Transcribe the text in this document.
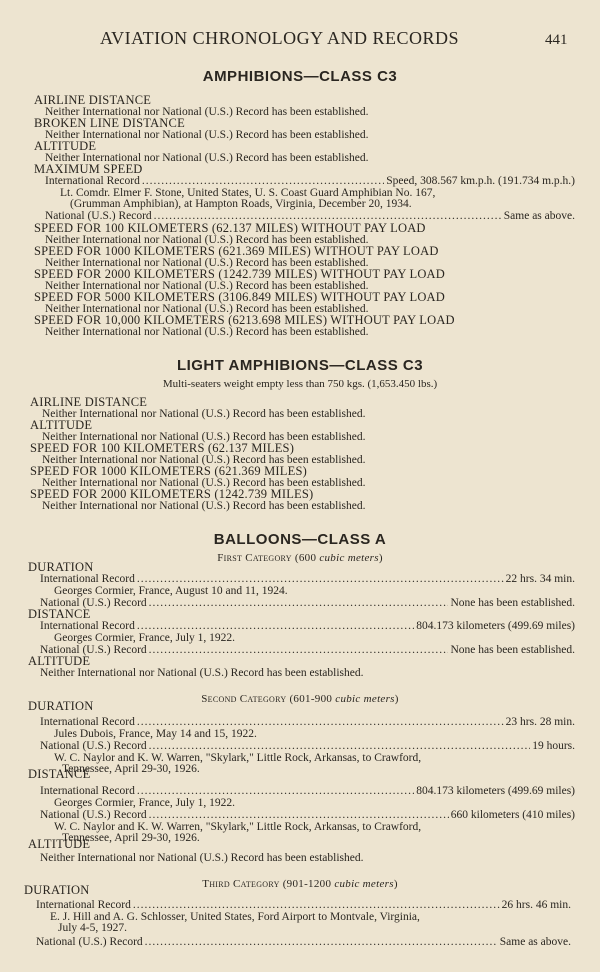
AVIATION CHRONOLOGY AND RECORDS	441
AMPHIBIONS—CLASS C3
AIRLINE DISTANCE
Neither International nor National (U.S.) Record has been established.
BROKEN LINE DISTANCE
Neither International nor National (U.S.) Record has been established.
ALTITUDE
Neither International nor National (U.S.) Record has been established.
MAXIMUM SPEED
International Record .....	Speed, 308.567 km.p.h. (191.734 m.p.h.)
Lt. Comdr. Elmer F. Stone, United States, U. S. Coast Guard Amphibian No. 167,
(Grumman Amphibian), at Hampton Roads, Virginia, December 20, 1934.
National (U.S.) Record .....	Same as above.
SPEED FOR 100 KILOMETERS (62.137 MILES) WITHOUT PAY LOAD
Neither International nor National (U.S.) Record has been established.
SPEED FOR 1000 KILOMETERS (621.369 MILES) WITHOUT PAY LOAD
Neither International nor National (U.S.) Record has been established.
SPEED FOR 2000 KILOMETERS (1242.739 MILES) WITHOUT PAY LOAD
Neither International nor National (U.S.) Record has been established.
SPEED FOR 5000 KILOMETERS (3106.849 MILES) WITHOUT PAY LOAD
Neither International nor National (U.S.) Record has been established.
SPEED FOR 10,000 KILOMETERS (6213.698 MILES) WITHOUT PAY LOAD
Neither International nor National (U.S.) Record has been established.
LIGHT AMPHIBIONS—CLASS C3
Multi-seaters weight empty less than 750 kgs. (1,653.450 lbs.)
AIRLINE DISTANCE
Neither International nor National (U.S.) Record has been established.
ALTITUDE
Neither International nor National (U.S.) Record has been established.
SPEED FOR 100 KILOMETERS (62.137 MILES)
Neither International nor National (U.S.) Record has been established.
SPEED FOR 1000 KILOMETERS (621.369 MILES)
Neither International nor National (U.S.) Record has been established.
SPEED FOR 2000 KILOMETERS (1242.739 MILES)
Neither International nor National (U.S.) Record has been established.
BALLOONS—CLASS A
First Category (600 cubic meters)
DURATION
International Record .....	22 hrs. 34 min.
Georges Cormier, France, August 10 and 11, 1924.
National (U.S.) Record .....	None has been established.
DISTANCE
International Record .....	804.173 kilometers (499.69 miles)
Georges Cormier, France, July 1, 1922.
National (U.S.) Record .....	None has been established.
ALTITUDE
Neither International nor National (U.S.) Record has been established.
Second Category (601-900 cubic meters)
DURATION
International Record .....	23 hrs. 28 min.
Jules Dubois, France, May 14 and 15, 1922.
National (U.S.) Record .....	19 hours.
W. C. Naylor and K. W. Warren, "Skylark," Little Rock, Arkansas, to Crawford,
Tennessee, April 29-30, 1926.
DISTANCE
International Record .....	804.173 kilometers (499.69 miles)
Georges Cormier, France, July 1, 1922.
National (U.S.) Record .....	660 kilometers (410 miles)
W. C. Naylor and K. W. Warren, "Skylark," Little Rock, Arkansas, to Crawford,
Tennessee, April 29-30, 1926.
ALTITUDE
Neither International nor National (U.S.) Record has been established.
Third Category (901-1200 cubic meters)
DURATION
International Record .....	26 hrs. 46 min.
E. J. Hill and A. G. Schlosser, United States, Ford Airport to Montvale, Virginia,
July 4-5, 1927.
National (U.S.) Record .....	Same as above.
